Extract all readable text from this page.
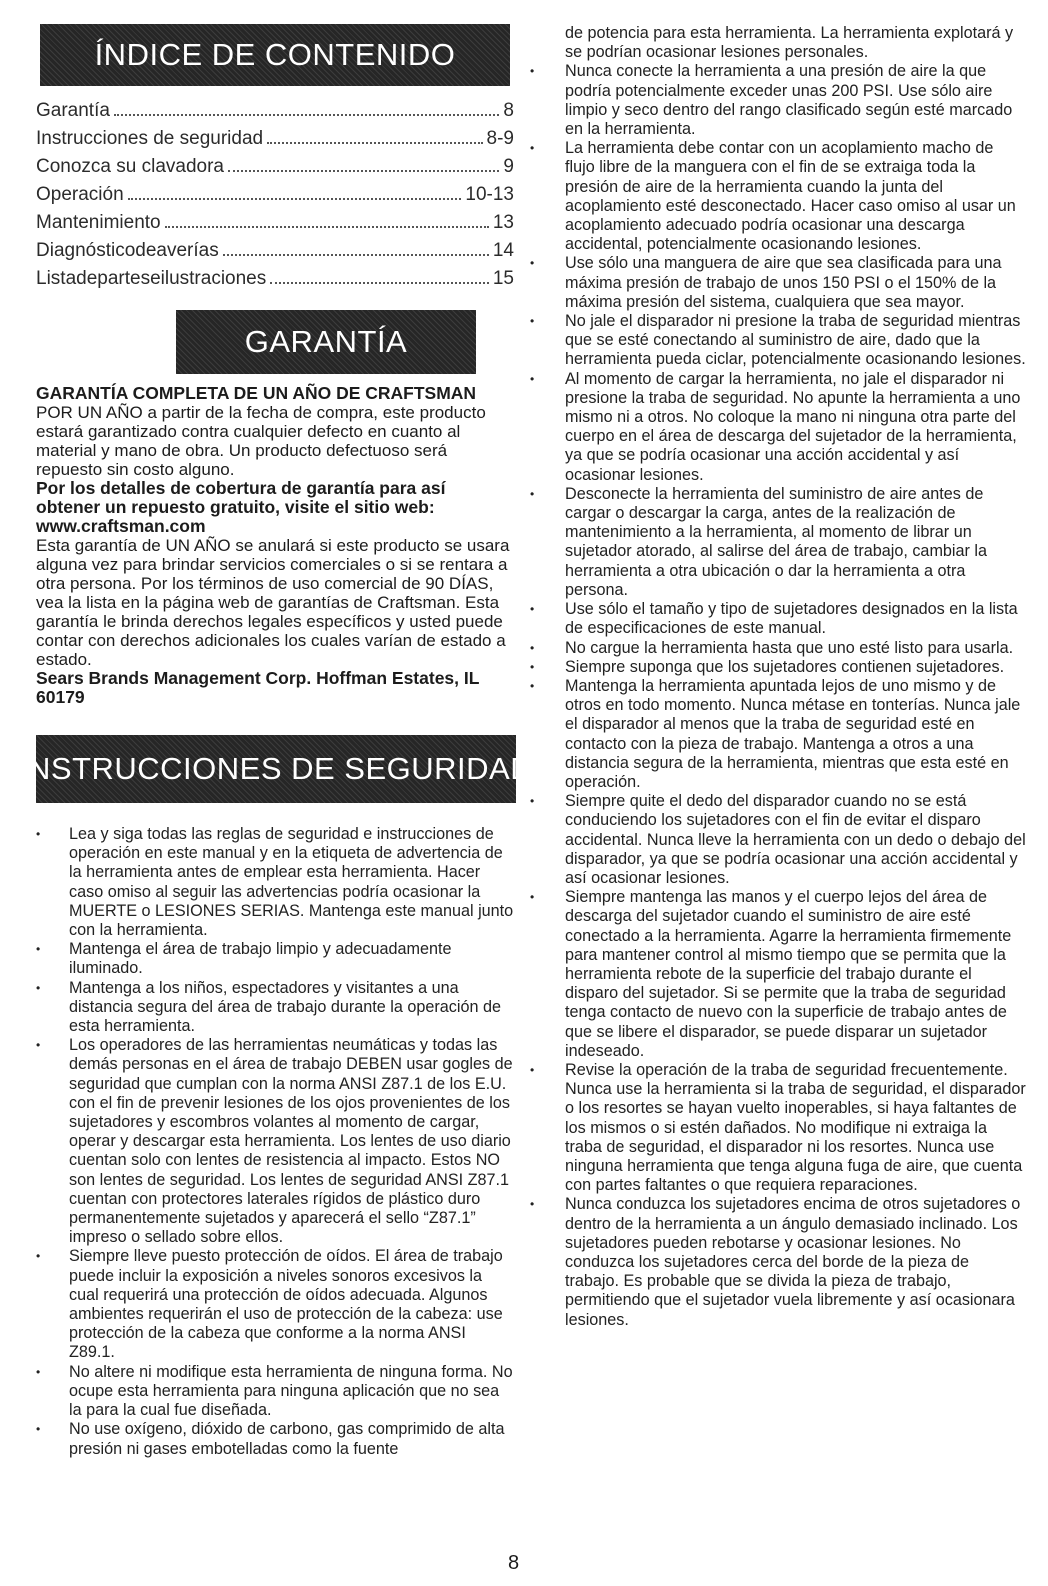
ÍNDICE DE CONTENIDO
Garantía	8
Instrucciones de seguridad	8-9
Conozca su clavadora	9
Operación	10-13
Mantenimiento	13
Diagnósticodeaverías	14
Listadeparteseilustraciones	15
GARANTÍA
GARANTÍA COMPLETA DE UN AÑO DE CRAFTSMAN
POR UN AÑO a partir de la fecha de compra, este producto estará garantizado contra cualquier defecto en cuanto al material y mano de obra. Un producto defectuoso será repuesto sin costo alguno.
Por los detalles de cobertura de garantía para así obtener un repuesto gratuito, visite el sitio web: www.craftsman.com
Esta garantía de UN AÑO se anulará si este producto se usara alguna vez para brindar servicios comerciales o si se rentara a otra persona. Por los términos de uso comercial de 90 DÍAS, vea la lista en la página web de garantías de Craftsman. Esta garantía le brinda derechos legales específicos y usted puede contar con derechos adicionales los cuales varían de estado a estado.
Sears Brands Management Corp. Hoffman Estates, IL 60179
INSTRUCCIONES DE SEGURIDAD
• Lea y siga todas las reglas de seguridad e instrucciones de operación en este manual y en la etiqueta de advertencia de la herramienta antes de emplear esta herramienta. Hacer caso omiso al seguir las advertencias podría ocasionar la MUERTE o LESIONES SERIAS. Mantenga este manual junto con la herramienta.
• Mantenga el área de trabajo limpio y adecuadamente iluminado.
• Mantenga a los niños, espectadores y visitantes a una distancia segura del área de trabajo durante la operación de esta herramienta.
• Los operadores de las herramientas neumáticas y todas las demás personas en el área de trabajo DEBEN usar gogles de seguridad que cumplan con la norma ANSI Z87.1 de los E.U. con el fin de prevenir lesiones de los ojos provenientes de los sujetadores y escombros volantes al momento de cargar, operar y descargar esta herramienta. Los lentes de uso diario cuentan solo con lentes de resistencia al impacto. Estos NO son lentes de seguridad. Los lentes de seguridad ANSI Z87.1 cuentan con protectores laterales rígidos de plástico duro permanentemente sujetados y aparecerá el sello “Z87.1” impreso o sellado sobre ellos.
• Siempre lleve puesto protección de oídos. El área de trabajo puede incluir la exposición a niveles sonoros excesivos la cual requerirá una protección de oídos adecuada. Algunos ambientes requerirán el uso de protección de la cabeza: use protección de la cabeza que conforme a la norma ANSI Z89.1.
• No altere ni modifique esta herramienta de ninguna forma. No ocupe esta herramienta para ninguna aplicación que no sea la para la cual fue diseñada.
• No use oxígeno, dióxido de carbono, gas comprimido de alta presión ni gases embotelladas como la fuente
de potencia para esta herramienta. La herramienta explotará y se podrían ocasionar lesiones personales.
• Nunca conecte la herramienta a una presión de aire la que podría potencialmente exceder unas 200 PSI. Use sólo aire limpio y seco dentro del rango clasificado según esté marcado en la herramienta.
• La herramienta debe contar con un acoplamiento macho de flujo libre de la manguera con el fin de se extraiga toda la presión de aire de la herramienta cuando la junta del acoplamiento esté desconectado. Hacer caso omiso al usar un acoplamiento adecuado podría ocasionar una descarga accidental, potencialmente ocasionando lesiones.
• Use sólo una manguera de aire que sea clasificada para una máxima presión de trabajo de unos 150 PSI o el 150% de la máxima presión del sistema, cualquiera que sea mayor.
• No jale el disparador ni presione la traba de seguridad mientras que se esté conectando al suministro de aire, dado que la herramienta pueda ciclar, potencialmente ocasionando lesiones.
• Al momento de cargar la herramienta, no jale el disparador ni presione la traba de seguridad. No apunte la herramienta a uno mismo ni a otros. No coloque la mano ni ninguna otra parte del cuerpo en el área de descarga del sujetador de la herramienta, ya que se podría ocasionar una acción accidental y así ocasionar lesiones.
• Desconecte la herramienta del suministro de aire antes de cargar o descargar la carga, antes de la realización de mantenimiento a la herramienta, al momento de librar un sujetador atorado, al salirse del área de trabajo, cambiar la herramienta a otra ubicación o dar la herramienta a otra persona.
• Use sólo el tamaño y tipo de sujetadores designados en la lista de especificaciones de este manual.
• No cargue la herramienta hasta que uno esté listo para usarla.
• Siempre suponga que los sujetadores contienen sujetadores.
• Mantenga la herramienta apuntada lejos de uno mismo y de otros en todo momento. Nunca métase en tonterías. Nunca jale el disparador al menos que la traba de seguridad esté en contacto con la pieza de trabajo. Mantenga a otros a una distancia segura de la herramienta, mientras que esta esté en operación.
• Siempre quite el dedo del disparador cuando no se está conduciendo los sujetadores con el fin de evitar el disparo accidental. Nunca lleve la herramienta con un dedo o debajo del disparador, ya que se podría ocasionar una acción accidental y así ocasionar lesiones.
• Siempre mantenga las manos y el cuerpo lejos del área de descarga del sujetador cuando el suministro de aire esté conectado a la herramienta. Agarre la herramienta firmemente para mantener control al mismo tiempo que se permita que la herramienta rebote de la superficie del trabajo durante el disparo del sujetador. Si se permite que la traba de seguridad tenga contacto de nuevo con la superficie de trabajo antes de que se libere el disparador, se puede disparar un sujetador indeseado.
• Revise la operación de la traba de seguridad frecuentemente. Nunca use la herramienta si la traba de seguridad, el disparador o los resortes se hayan vuelto inoperables, si haya faltantes de los mismos o si estén dañados. No modifique ni extraiga la traba de seguridad, el disparador ni los resortes. Nunca use ninguna herramienta que tenga alguna fuga de aire, que cuenta con partes faltantes o que requiera reparaciones.
• Nunca conduzca los sujetadores encima de otros sujetadores o dentro de la herramienta a un ángulo demasiado inclinado. Los sujetadores pueden rebotarse y ocasionar lesiones. No conduzca los sujetadores cerca del borde de la pieza de trabajo. Es probable que se divida la pieza de trabajo, permitiendo que el sujetador vuela libremente y así ocasionara lesiones.
8
